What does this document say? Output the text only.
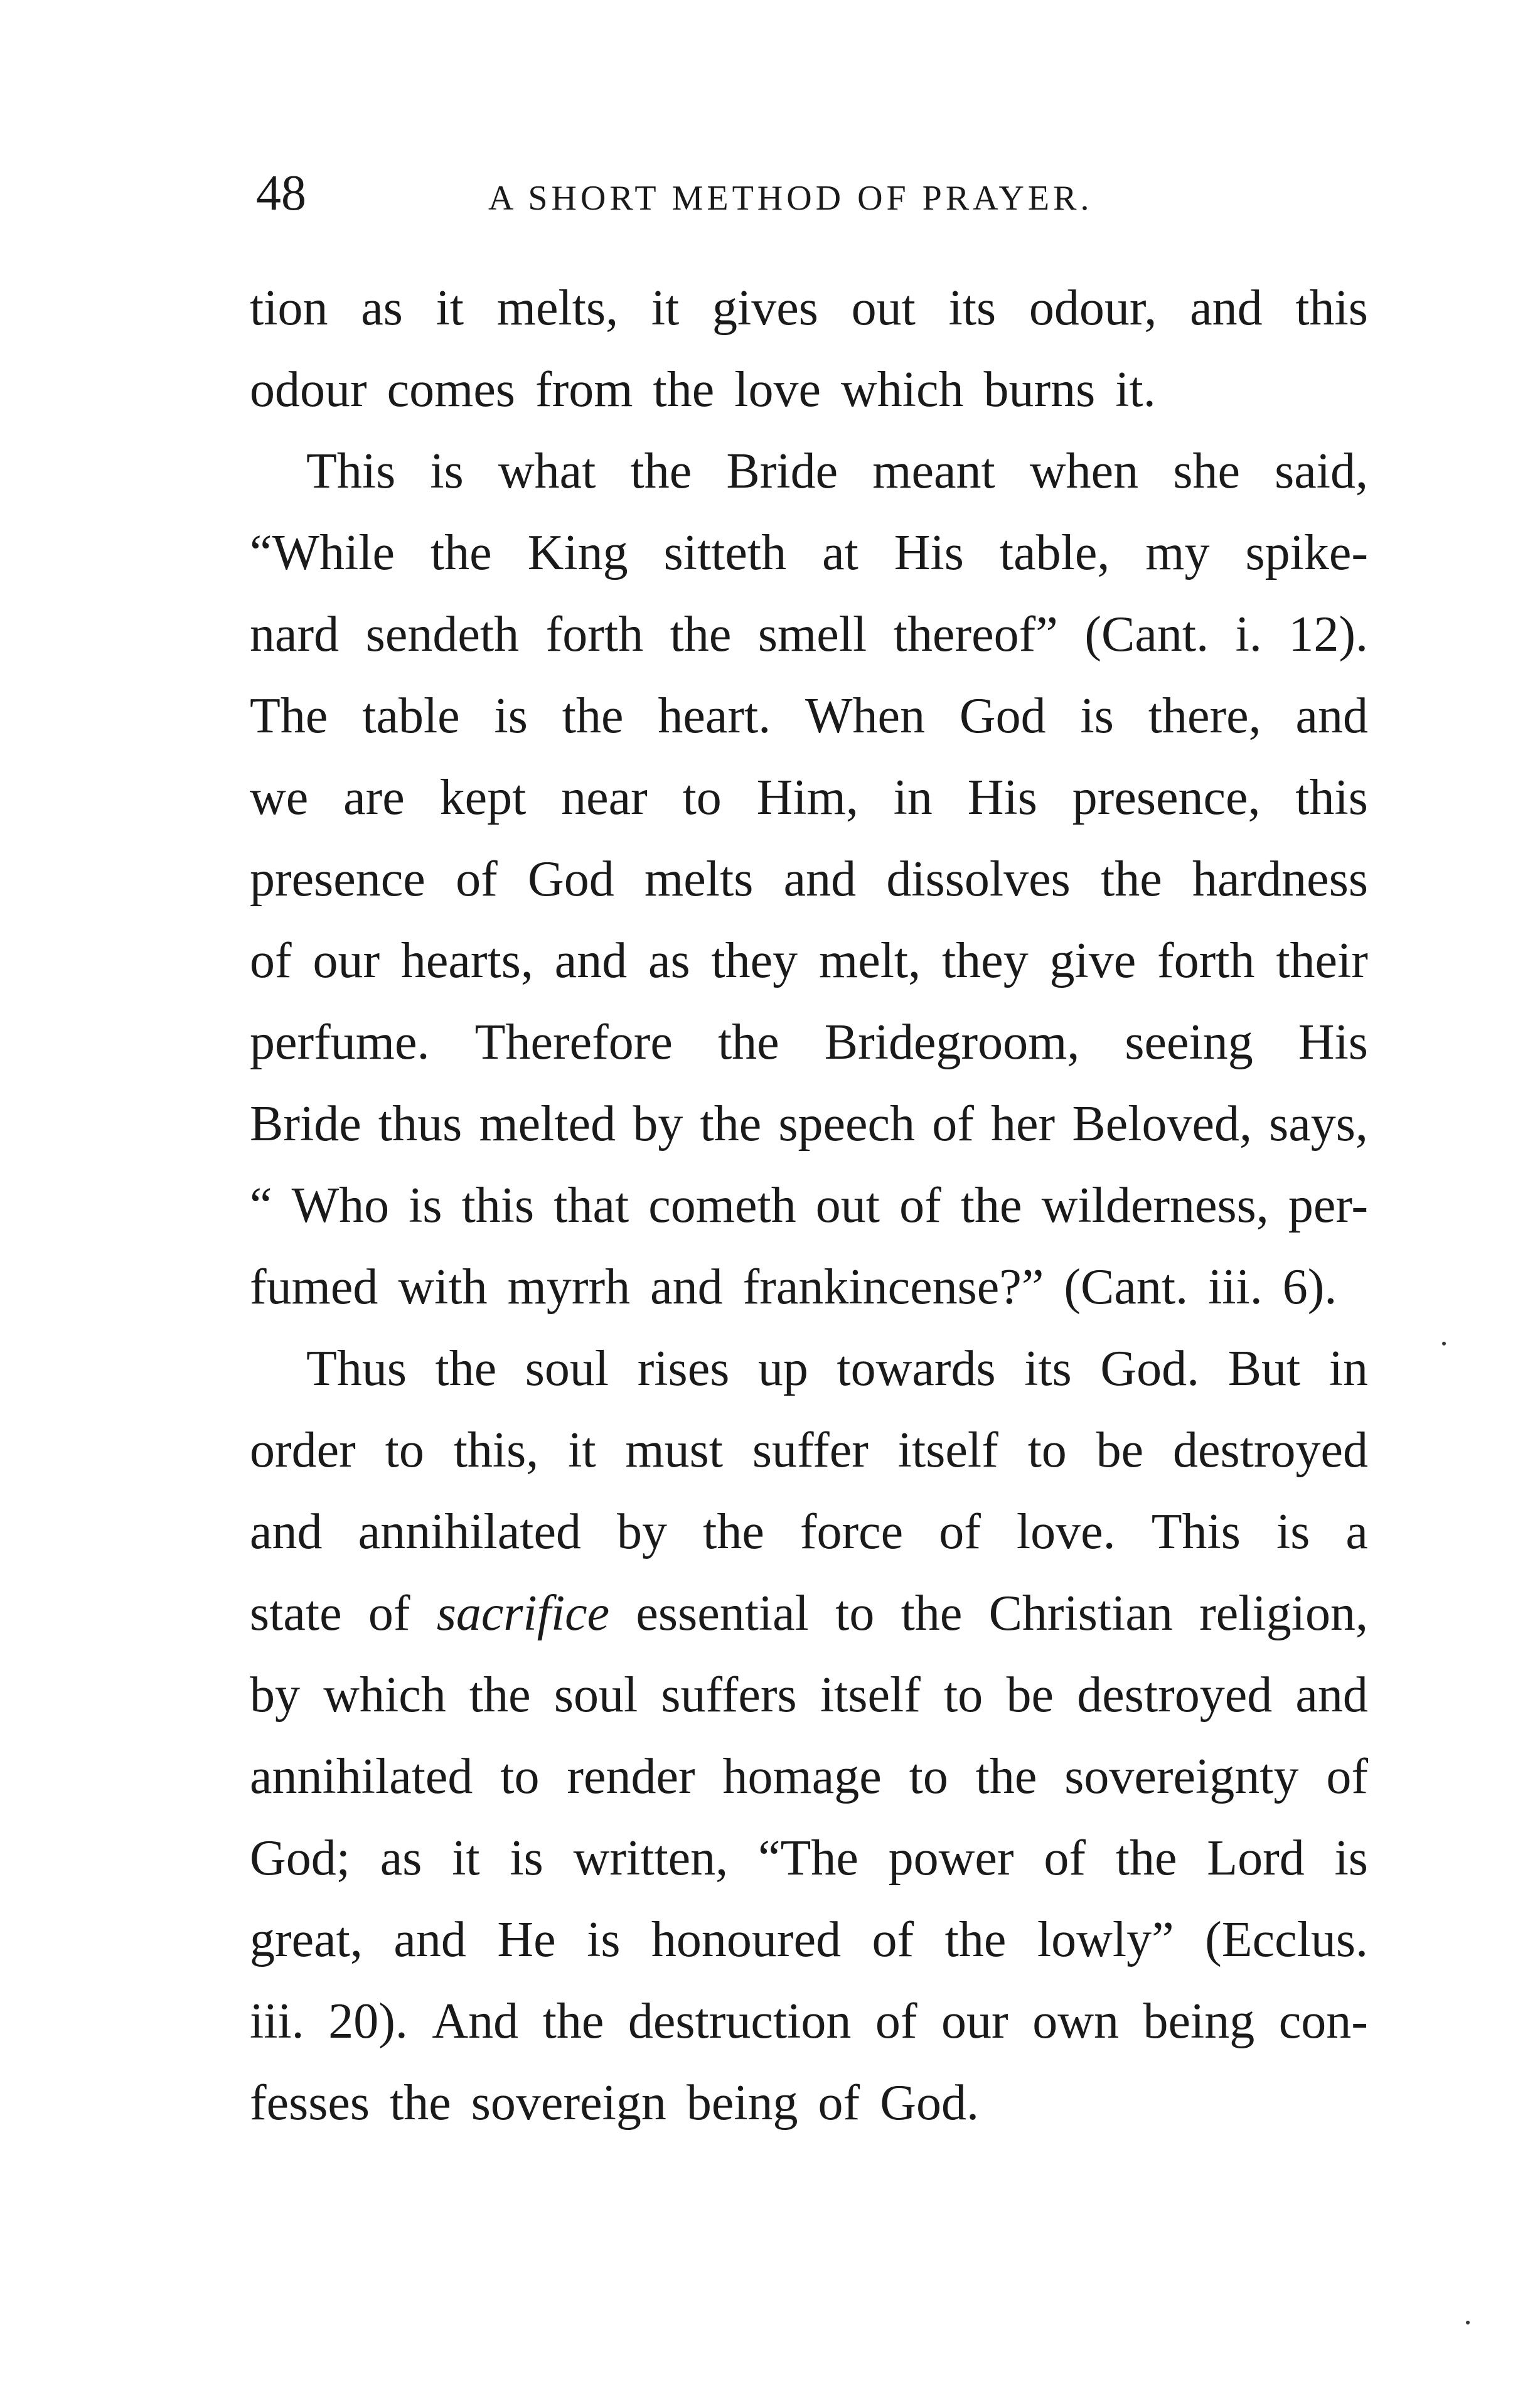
48	A SHORT METHOD OF PRAYER.
tion as it melts, it gives out its odour, and this
odour comes from the love which burns it.
This is what the Bride meant when she said,
“While the King sitteth at His table, my spike-
nard sendeth forth the smell thereof” (Cant. i. 12).
The table is the heart. When God is there, and
we are kept near to Him, in His presence, this
presence of God melts and dissolves the hardness
of our hearts, and as they melt, they give forth their
perfume. Therefore the Bridegroom, seeing His
Bride thus melted by the speech of her Beloved, says,
“ Who is this that cometh out of the wilderness, per-
fumed with myrrh and frankincense?” (Cant. iii. 6).
Thus the soul rises up towards its God. But in
order to this, it must suffer itself to be destroyed
and annihilated by the force of love. This is a
state of sacrifice essential to the Christian religion,
by which the soul suffers itself to be destroyed and
annihilated to render homage to the sovereignty of
God; as it is written, “The power of the Lord is
great, and He is honoured of the lowly” (Ecclus.
iii. 20). And the destruction of our own being con-
fesses the sovereign being of God.
